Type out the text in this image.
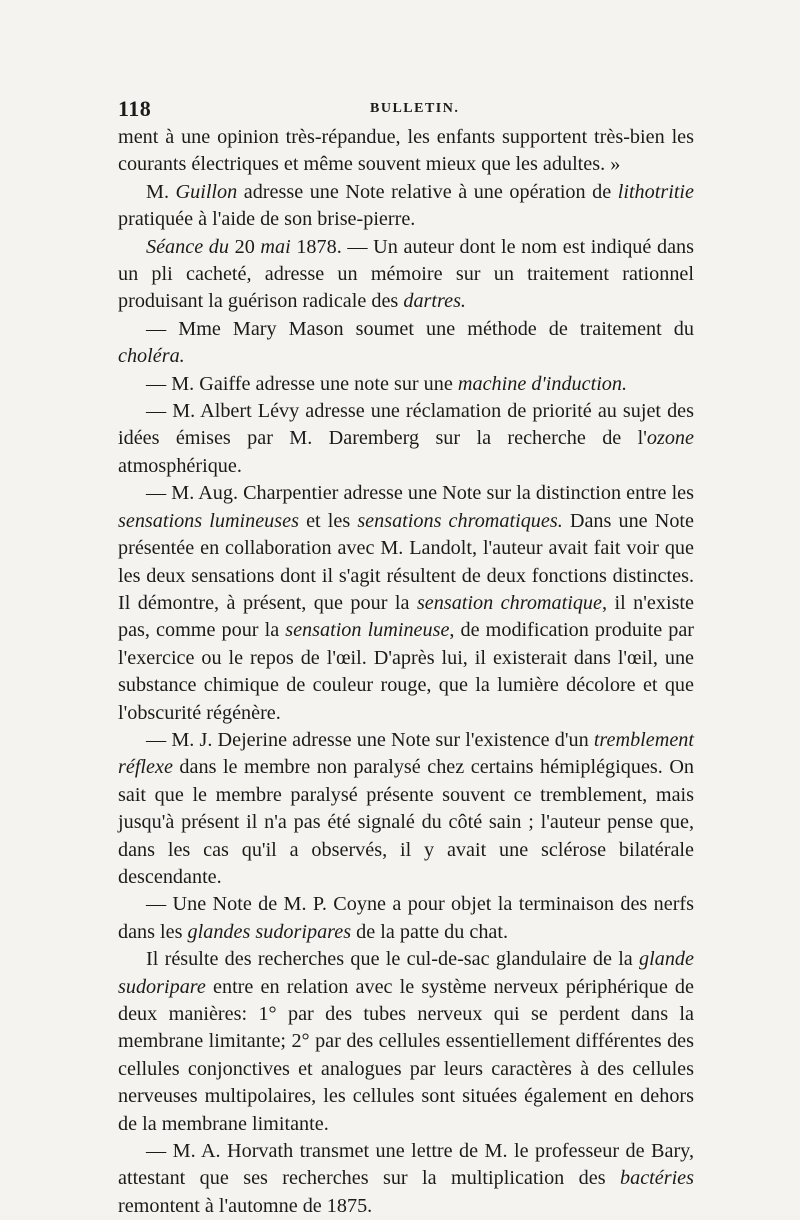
118	BULLETIN.

ment à une opinion très-répandue, les enfants supportent très-bien les courants électriques et même souvent mieux que les adultes. »

M. Guillon adresse une Note relative à une opération de lithotritie pratiquée à l'aide de son brise-pierre.

Séance du 20 mai 1878. — Un auteur dont le nom est indiqué dans un pli cacheté, adresse un mémoire sur un traitement rationnel produisant la guérison radicale des dartres.

— Mme Mary Mason soumet une méthode de traitement du choléra.

— M. Gaiffe adresse une note sur une machine d'induction.

— M. Albert Lévy adresse une réclamation de priorité au sujet des idées émises par M. Daremberg sur la recherche de l'ozone atmosphérique.

— M. Aug. Charpentier adresse une Note sur la distinction entre les sensations lumineuses et les sensations chromatiques. Dans une Note présentée en collaboration avec M. Landolt, l'auteur avait fait voir que les deux sensations dont il s'agit résultent de deux fonctions distinctes. Il démontre, à présent, que pour la sensation chromatique, il n'existe pas, comme pour la sensation lumineuse, de modification produite par l'exercice ou le repos de l'œil. D'après lui, il existerait dans l'œil, une substance chimique de couleur rouge, que la lumière décolore et que l'obscurité régénère.

— M. J. Dejerine adresse une Note sur l'existence d'un tremblement réflexe dans le membre non paralysé chez certains hémiplégiques. On sait que le membre paralysé présente souvent ce tremblement, mais jusqu'à présent il n'a pas été signalé du côté sain ; l'auteur pense que, dans les cas qu'il a observés, il y avait une sclérose bilatérale descendante.

— Une Note de M. P. Coyne a pour objet la terminaison des nerfs dans les glandes sudoripares de la patte du chat.

Il résulte des recherches que le cul-de-sac glandulaire de la glande sudoripare entre en relation avec le système nerveux périphérique de deux manières: 1° par des tubes nerveux qui se perdent dans la membrane limitante; 2° par des cellules essentiellement différentes des cellules conjonctives et analogues par leurs caractères à des cellules nerveuses multipolaires, les cellules sont situées également en dehors de la membrane limitante.

— M. A. Horvath transmet une lettre de M. le professeur de Bary, attestant que ses recherches sur la multiplication des bactéries remontent à l'automne de 1875.
